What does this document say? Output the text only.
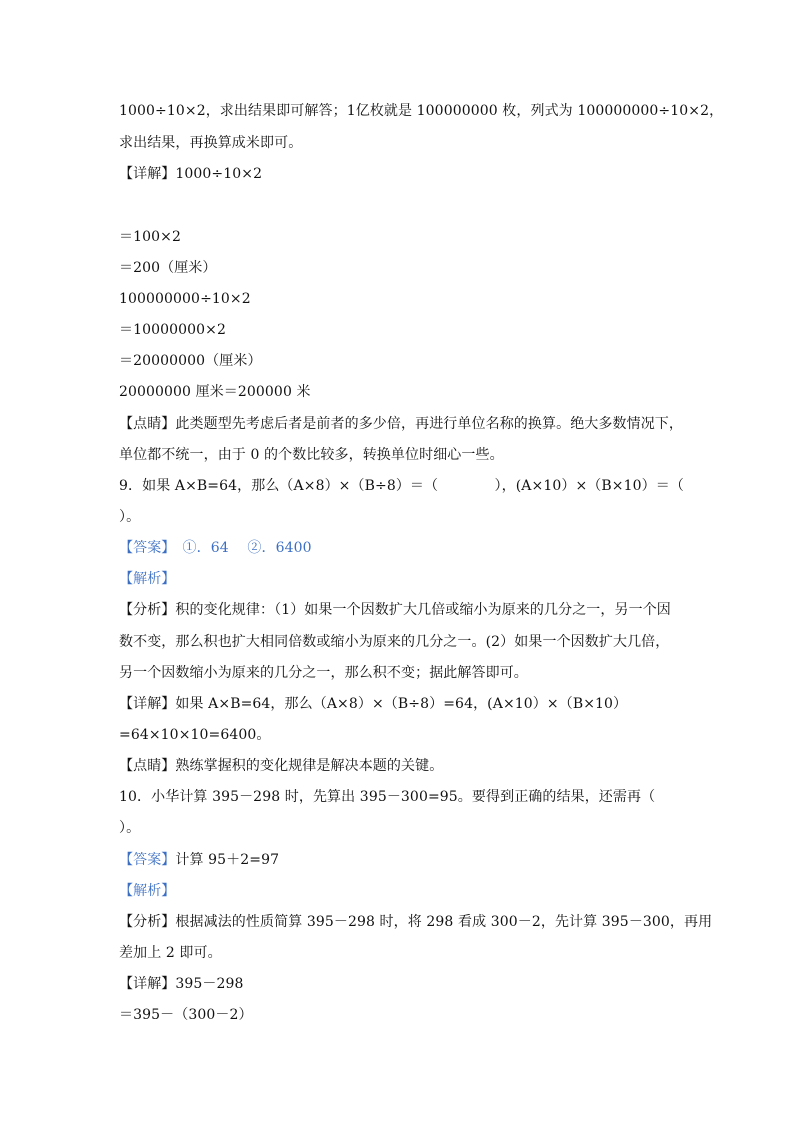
1000÷10×2，求出结果即可解答；1亿枚就是 100000000 枚，列式为 100000000÷10×2，
求出结果，再换算成米即可。
【详解】1000÷10×2
＝100×2
＝200（厘米）
100000000÷10×2
＝10000000×2
＝20000000（厘米）
20000000 厘米＝200000 米
【点睛】此类题型先考虑后者是前者的多少倍，再进行单位名称的换算。绝大多数情况下，
单位都不统一，由于 0 的个数比较多，转换单位时细心一些。
9．如果 A×B=64，那么（A×8）×（B÷8）＝（　　　　），(A×10）×（B×10）＝（
）。
【答案】　①．64　 ②．6400
【解析】
【分析】积的变化规律：（1）如果一个因数扩大几倍或缩小为原来的几分之一，另一个因
数不变，那么积也扩大相同倍数或缩小为原来的几分之一。(2）如果一个因数扩大几倍，
另一个因数缩小为原来的几分之一，那么积不变；据此解答即可。
【详解】如果 A×B=64，那么（A×8）×（B÷8）=64，(A×10）×（B×10）
=64×10×10=6400。
【点睛】熟练掌握积的变化规律是解决本题的关键。
10．小华计算 395－298 时，先算出 395－300=95。要得到正确的结果，还需再（
）。
【答案】计算 95＋2=97
【解析】
【分析】根据减法的性质简算 395－298 时，将 298 看成 300－2，先计算 395－300，再用
差加上 2 即可。
【详解】395－298
＝395－（300－2）
